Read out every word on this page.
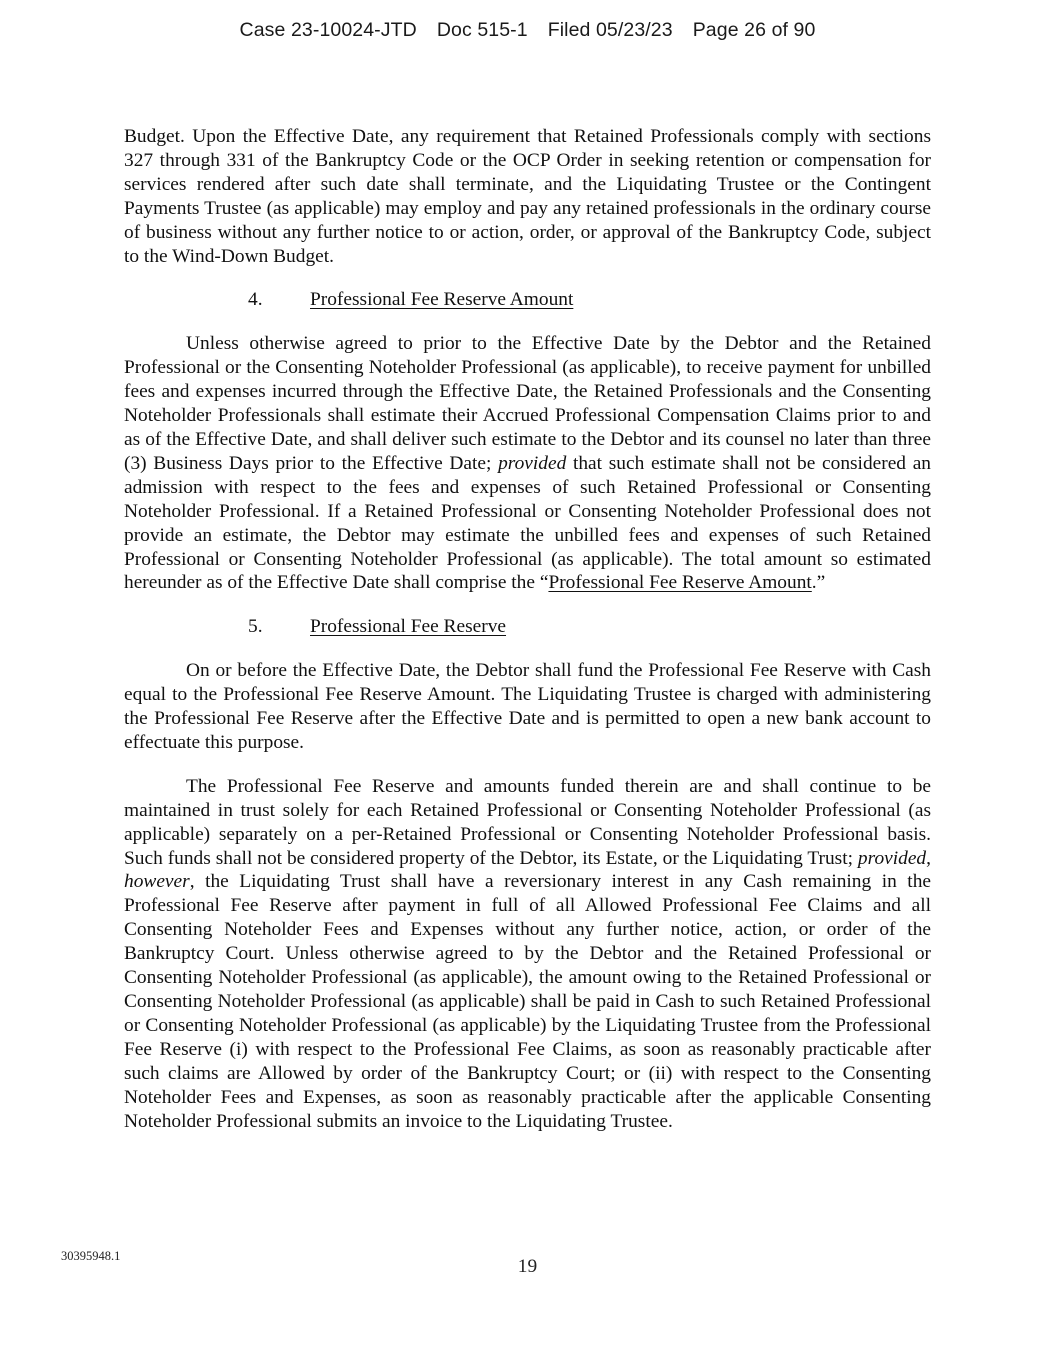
Case 23-10024-JTD Doc 515-1 Filed 05/23/23 Page 26 of 90

Budget. Upon the Effective Date, any requirement that Retained Professionals comply with sections 327 through 331 of the Bankruptcy Code or the OCP Order in seeking retention or compensation for services rendered after such date shall terminate, and the Liquidating Trustee or the Contingent Payments Trustee (as applicable) may employ and pay any retained professionals in the ordinary course of business without any further notice to or action, order, or approval of the Bankruptcy Code, subject to the Wind-Down Budget.

4.	Professional Fee Reserve Amount

Unless otherwise agreed to prior to the Effective Date by the Debtor and the Retained Professional or the Consenting Noteholder Professional (as applicable), to receive payment for unbilled fees and expenses incurred through the Effective Date, the Retained Professionals and the Consenting Noteholder Professionals shall estimate their Accrued Professional Compensation Claims prior to and as of the Effective Date, and shall deliver such estimate to the Debtor and its counsel no later than three (3) Business Days prior to the Effective Date; provided that such estimate shall not be considered an admission with respect to the fees and expenses of such Retained Professional or Consenting Noteholder Professional. If a Retained Professional or Consenting Noteholder Professional does not provide an estimate, the Debtor may estimate the unbilled fees and expenses of such Retained Professional or Consenting Noteholder Professional (as applicable). The total amount so estimated hereunder as of the Effective Date shall comprise the “Professional Fee Reserve Amount.”

5.	Professional Fee Reserve

On or before the Effective Date, the Debtor shall fund the Professional Fee Reserve with Cash equal to the Professional Fee Reserve Amount. The Liquidating Trustee is charged with administering the Professional Fee Reserve after the Effective Date and is permitted to open a new bank account to effectuate this purpose.

The Professional Fee Reserve and amounts funded therein are and shall continue to be maintained in trust solely for each Retained Professional or Consenting Noteholder Professional (as applicable) separately on a per-Retained Professional or Consenting Noteholder Professional basis. Such funds shall not be considered property of the Debtor, its Estate, or the Liquidating Trust; provided, however, the Liquidating Trust shall have a reversionary interest in any Cash remaining in the Professional Fee Reserve after payment in full of all Allowed Professional Fee Claims and all Consenting Noteholder Fees and Expenses without any further notice, action, or order of the Bankruptcy Court. Unless otherwise agreed to by the Debtor and the Retained Professional or Consenting Noteholder Professional (as applicable), the amount owing to the Retained Professional or Consenting Noteholder Professional (as applicable) shall be paid in Cash to such Retained Professional or Consenting Noteholder Professional (as applicable) by the Liquidating Trustee from the Professional Fee Reserve (i) with respect to the Professional Fee Claims, as soon as reasonably practicable after such claims are Allowed by order of the Bankruptcy Court; or (ii) with respect to the Consenting Noteholder Fees and Expenses, as soon as reasonably practicable after the applicable Consenting Noteholder Professional submits an invoice to the Liquidating Trustee.

30395948.1	19
